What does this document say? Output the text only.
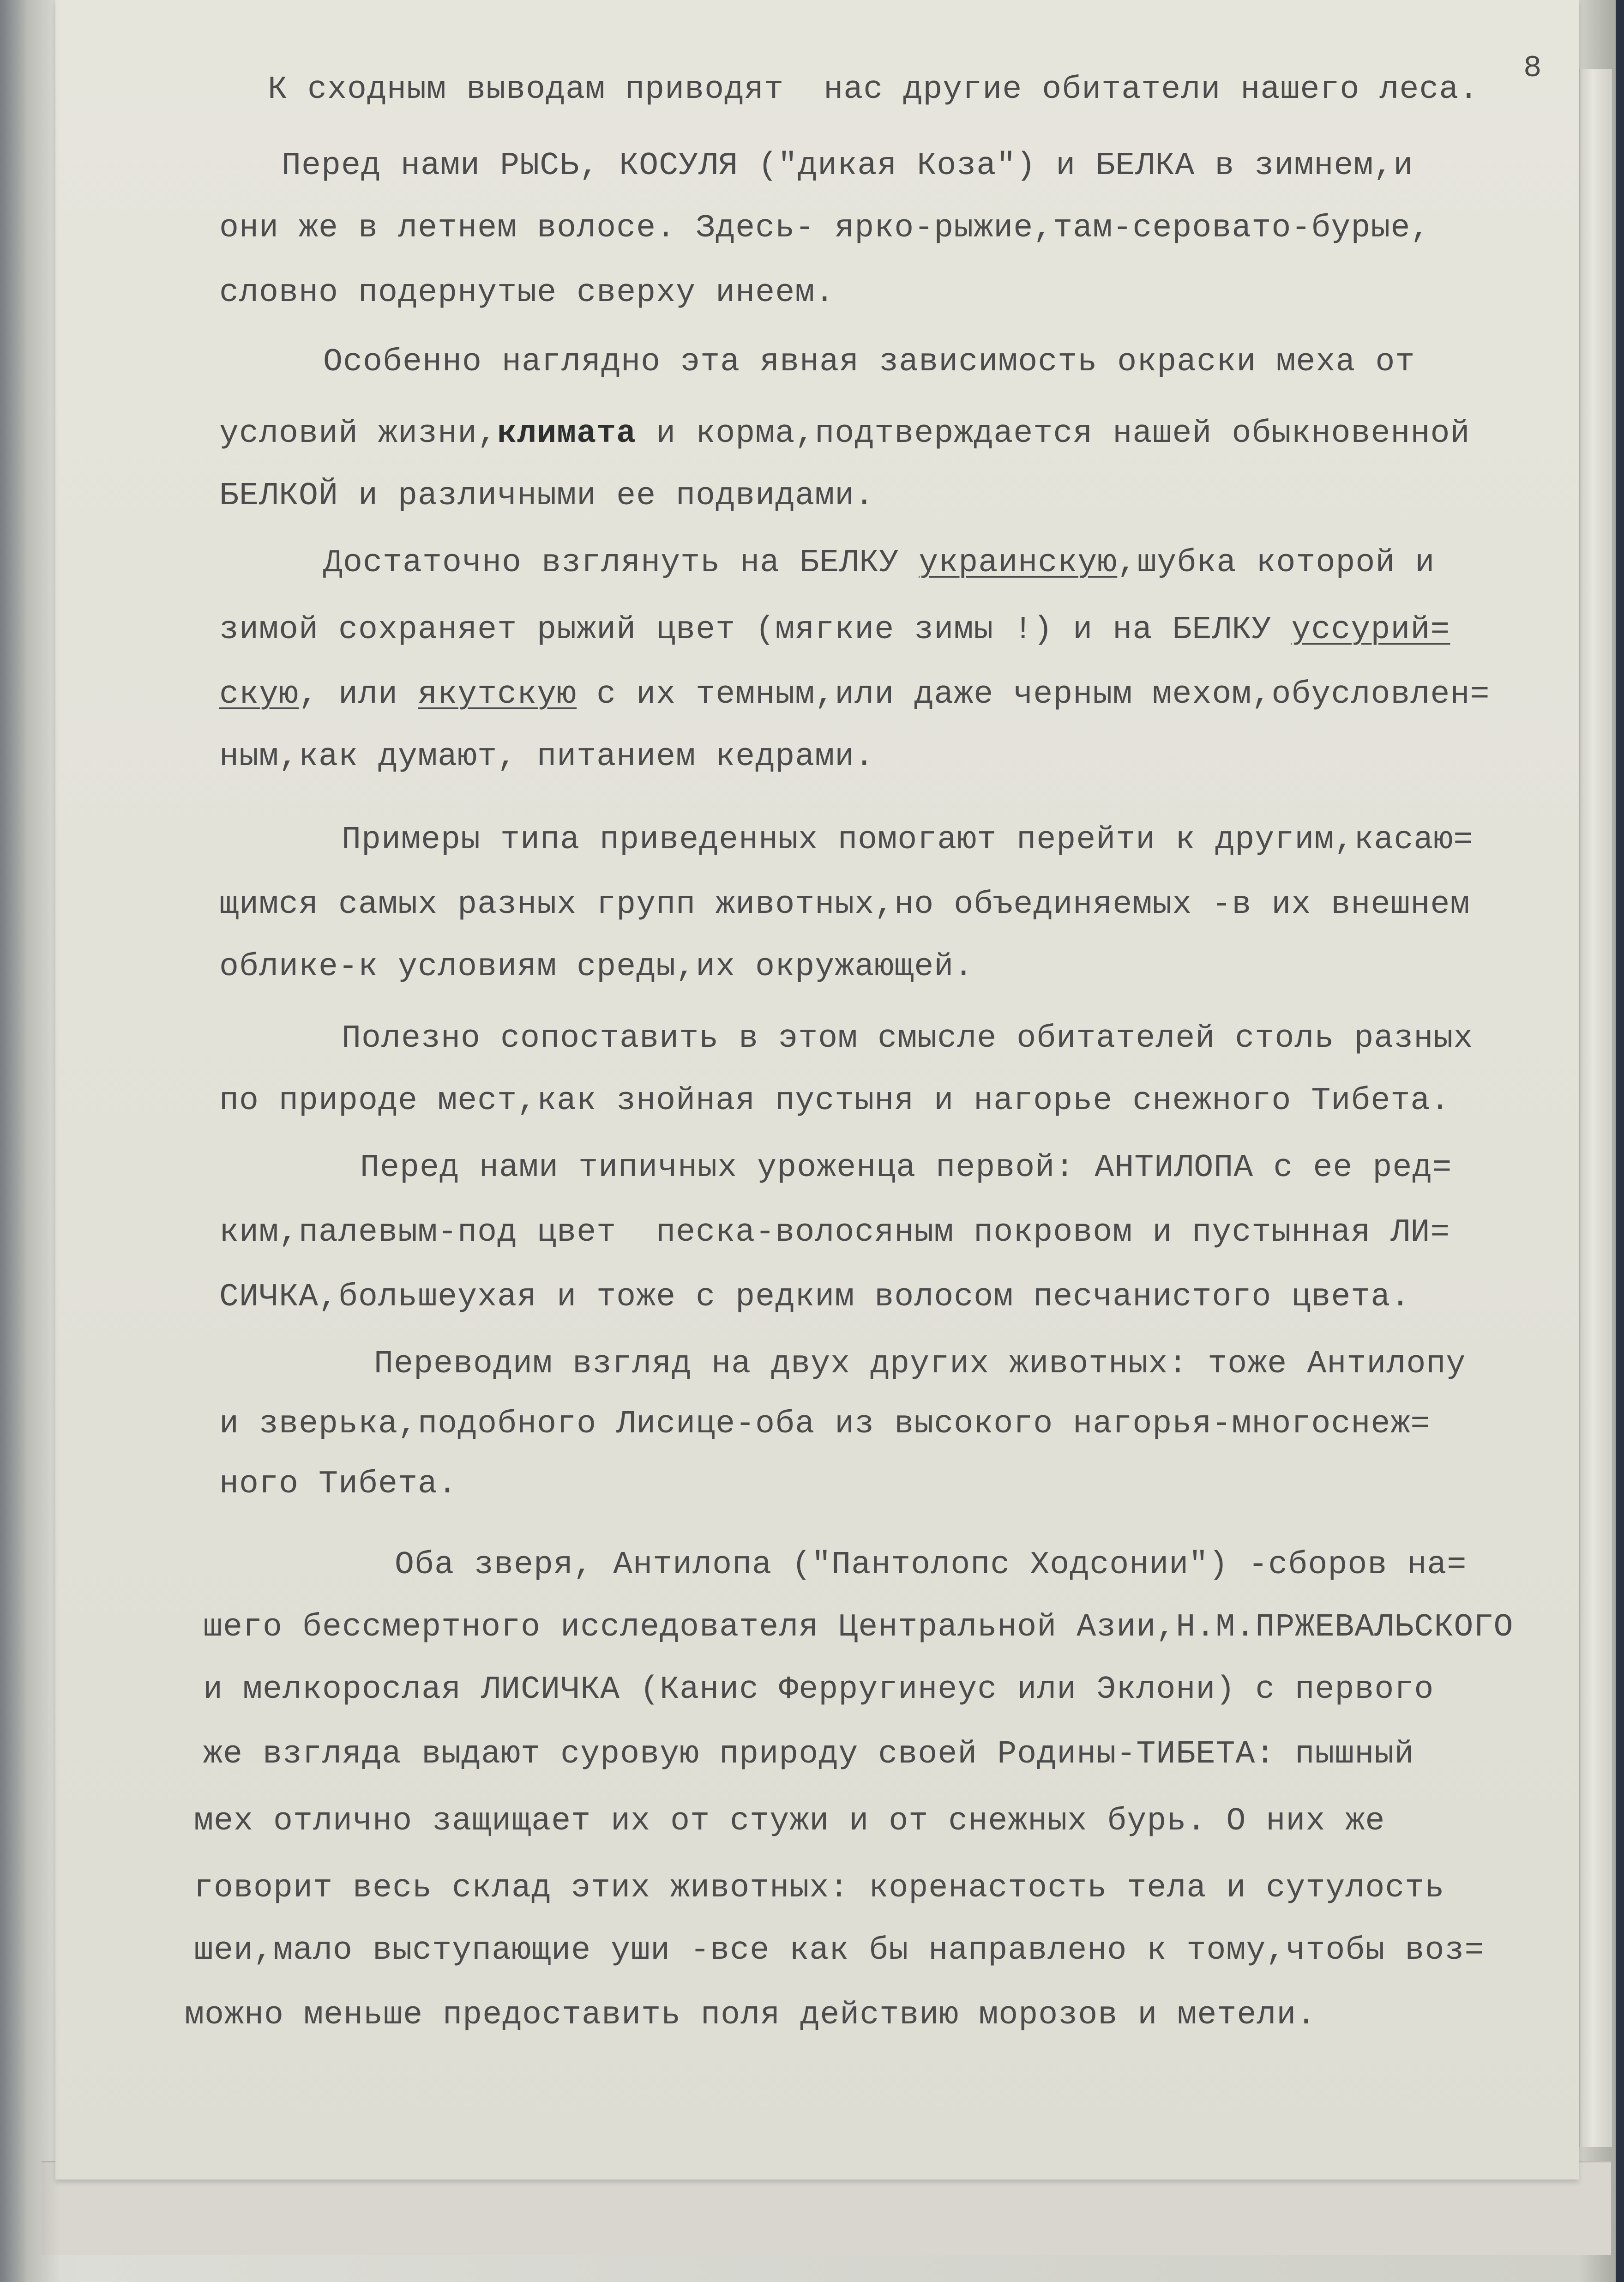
8
К сходным выводам приводят  нас другие обитатели нашего леса.
Перед нами РЫСЬ, КОСУЛЯ ("дикая Коза") и БЕЛКА в зимнем,и
они же в летнем волосе. Здесь- ярко-рыжие,там-серовато-бурые,
словно подернутые сверху инеем.
Особенно наглядно эта явная зависимость окраски меха от
условий жизни,климата и корма,подтверждается нашей обыкновенной
БЕЛКОЙ и различными ее подвидами.
Достаточно взглянуть на БЕЛКУ украинскую,шубка которой и
зимой сохраняет рыжий цвет (мягкие зимы !) и на БЕЛКУ уссурий=
скую, или якутскую с их темным,или даже черным мехом,обусловлен=
ным,как думают, питанием кедрами.
Примеры типа приведенных помогают перейти к другим,касаю=
щимся самых разных групп животных,но объединяемых -в их внешнем
облике-к условиям среды,их окружающей.
Полезно сопоставить в этом смысле обитателей столь разных
по природе мест,как знойная пустыня и нагорье снежного Тибета.
Перед нами типичных уроженца первой: АНТИЛОПА с ее ред=
ким,палевым-под цвет  песка-волосяным покровом и пустынная ЛИ=
СИЧКА,большеухая и тоже с редким волосом песчанистого цвета.
Переводим взгляд на двух других животных: тоже Антилопу
и зверька,подобного Лисице-оба из высокого нагорья-многоснеж=
ного Тибета.
Оба зверя, Антилопа ("Пантолопс Ходсонии") -сборов на=
шего бессмертного исследователя Центральной Азии,Н.М.ПРЖЕВАЛЬСКОГО
и мелкорослая ЛИСИЧКА (Канис Ферругинеус или Эклони) с первого
же взгляда выдают суровую природу своей Родины-ТИБЕТА: пышный
мех отлично защищает их от стужи и от снежных бурь. О них же
говорит весь склад этих животных: коренастость тела и сутулость
шеи,мало выступающие уши -все как бы направлено к тому,чтобы воз=
можно меньше предоставить поля действию морозов и метели.
